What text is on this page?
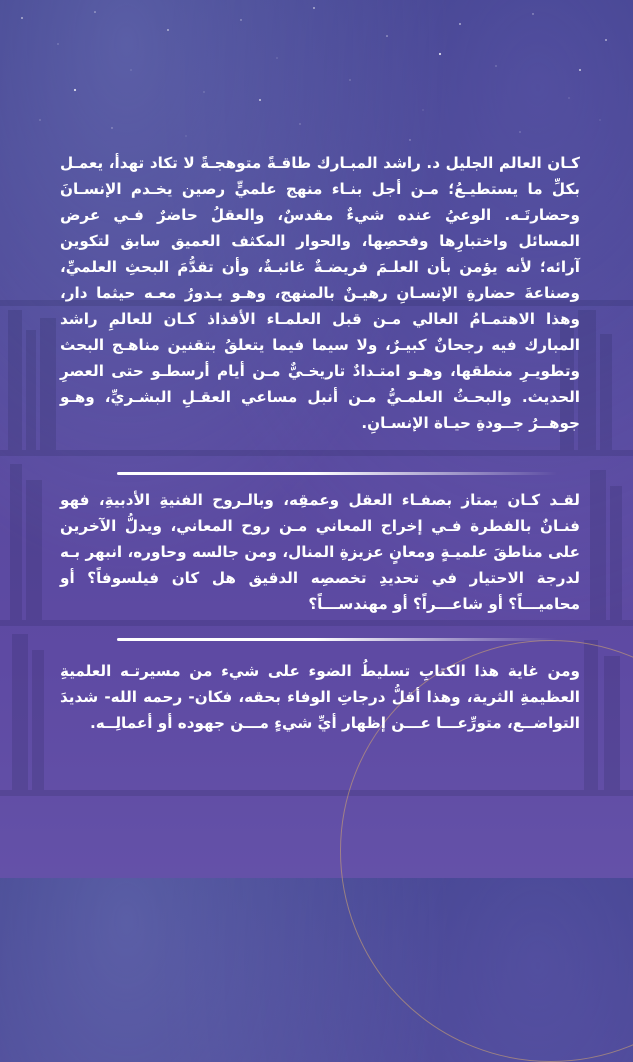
كـان العالم الجليل د. راشد المبـارك طاقـةً متوهجـةً لا تكاد تهدأ، يعمـل بكلِّ ما يستطيـعُ؛ مـن أجل بنـاء منهج علميٍّ رصين يخـدم الإنسـانَ وحضارتَـه. الوعيُ عنده شيءٌ مقدسٌ، والعقلُ حاضرٌ فـي عرض المسائل واختبارِها وفحصِها، والحوار المكثف العميق سابق لتكوين آرائه؛ لأنه يؤمن بأن العلـمَ فريضـةٌ غائبـةٌ، وأن تقدُّمَ البحثِ العلميِّ، وصناعةَ حضارةِ الإنسـانِ رهيـنٌ بالمنهج، وهـو يـدورُ معـه حيثما دار، وهذا الاهتمـامُ العالي مـن قبل العلمـاء الأفذاذ كـان للعالمِ راشد المبارك فيه رجحانٌ كبيـرٌ، ولا سيما فيما يتعلقُ بتقنين مناهـج البحث وتطويـرِ منطقها، وهـو امتـدادٌ تاريخـيٌّ مـن أيام أرسطـو حتى العصرِ الحديث. والبحـثُ العلمـيُّ مـن أنبل مساعي العقـلِ البشـريِّ، وهـو جوهــرُ جــودةِ حيـاة الإنسـانِ.
لقـد كـان يمتاز بصفـاء العقل وعمقِه، وبالـروح الفنيةِ الأدبيةِ، فهو فنـانٌ بالفطرة فـي إخراج المعاني مـن روح المعاني، ويدلُّ الآخرين على مناطقَ علميـةٍ ومعانٍ عزيزةِ المنال، ومن جالسه وحاوره، انبهر بـه لدرجة الاحتيار في تحديدِ تخصصِه الدقيق هل كان فيلسوفاً؟ أو محاميـــاً؟ أو شاعـــراً؟ أو مهندســـاً؟
ومن غاية هذا الكتابِ تسليطُ الضوء على شيء من مسيرتـه العلميةِ العظيمةِ الثرية، وهذا أقلُّ درجاتِ الوفاء بحقه، فكان- رحمه الله- شديدَ التواضــع، متورِّعـــا عـــن إظهار أيِّ شيءٍ مـــن جهوده أو أعمالِــه.
